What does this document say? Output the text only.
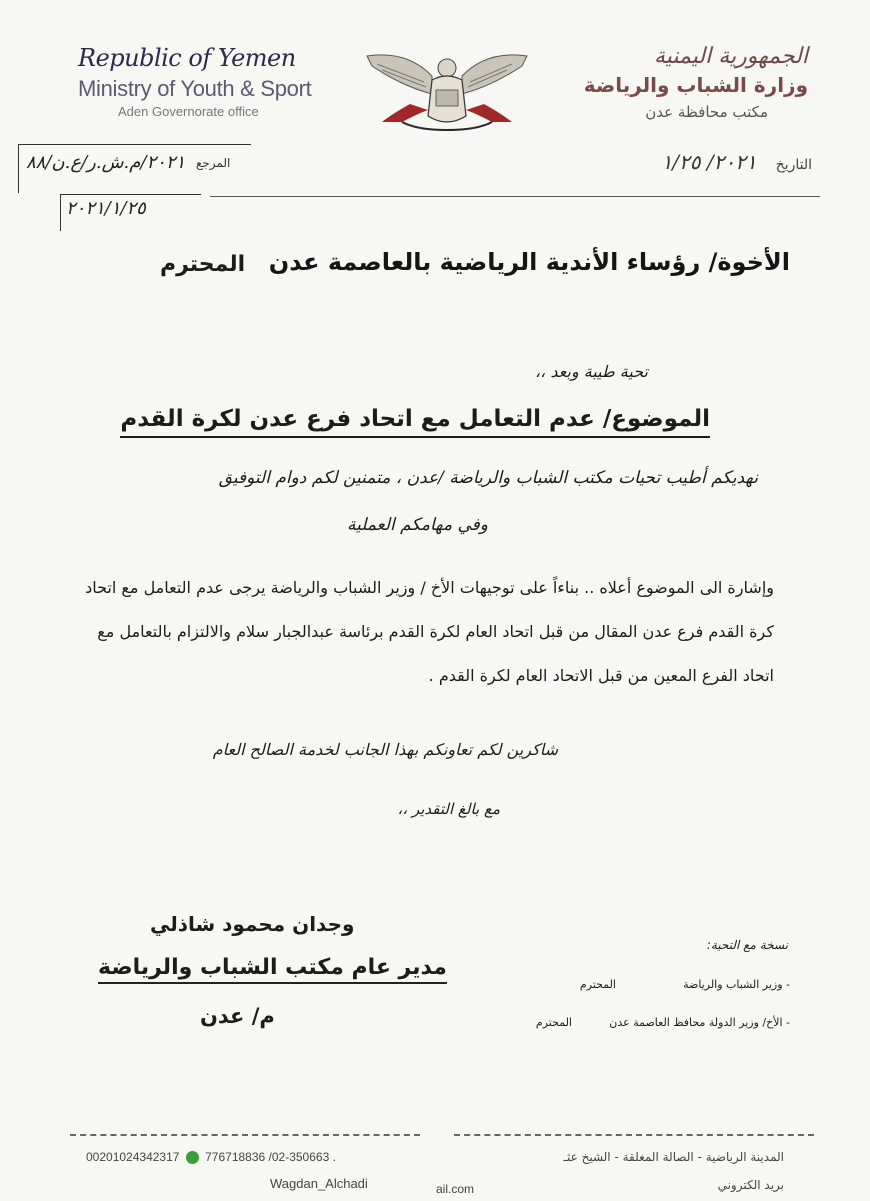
Republic of Yemen
Ministry of Youth & Sport
Aden Governorate office
الجمهورية اليمنية
وزارة الشباب والرياضة
مكتب محافظة عدن
التاريخ ٢٠٢١/ ١/٢٥
٢٠٢١/م.ش.ر/ع.ن/٨٨ المرجع
٢٠٢١/١/٢٥
الأخوة/ رؤساء الأندية الرياضية بالعاصمة عدن
المحترم
تحية طيبة وبعد ،،
الموضوع/ عدم التعامل مع اتحاد فرع عدن لكرة القدم
نهديكم أطيب تحيات مكتب الشباب والرياضة /عدن ، متمنين لكم دوام التوفيق
وفي مهامكم العملية
وإشارة الى الموضوع أعلاه .. بناءاً على توجيهات الأخ / وزير الشباب والرياضة يرجى عدم التعامل مع اتحاد كرة القدم فرع عدن المقال من قبل اتحاد العام لكرة القدم برئاسة عبدالجبار سلام والالتزام بالتعامل مع اتحاد الفرع المعين من قبل الاتحاد العام لكرة القدم .
شاكرين لكم تعاونكم بهذا الجانب لخدمة الصالح العام
مع بالغ التقدير ،،
وجدان محمود شاذلي
مدير عام مكتب الشباب والرياضة
م/ عدن
نسخة مع التحية:
- وزير الشباب والرياضة
المحترم
- الأخ/ وزير الدولة محافظ العاصمة عدن
المحترم
00201024342317 776718836 /02-350663 .
Wagdan_Alchadi	ail.com
المدينة الرياضية - الصالة المغلقة - الشيخ عثـ
بريد الكتروني
